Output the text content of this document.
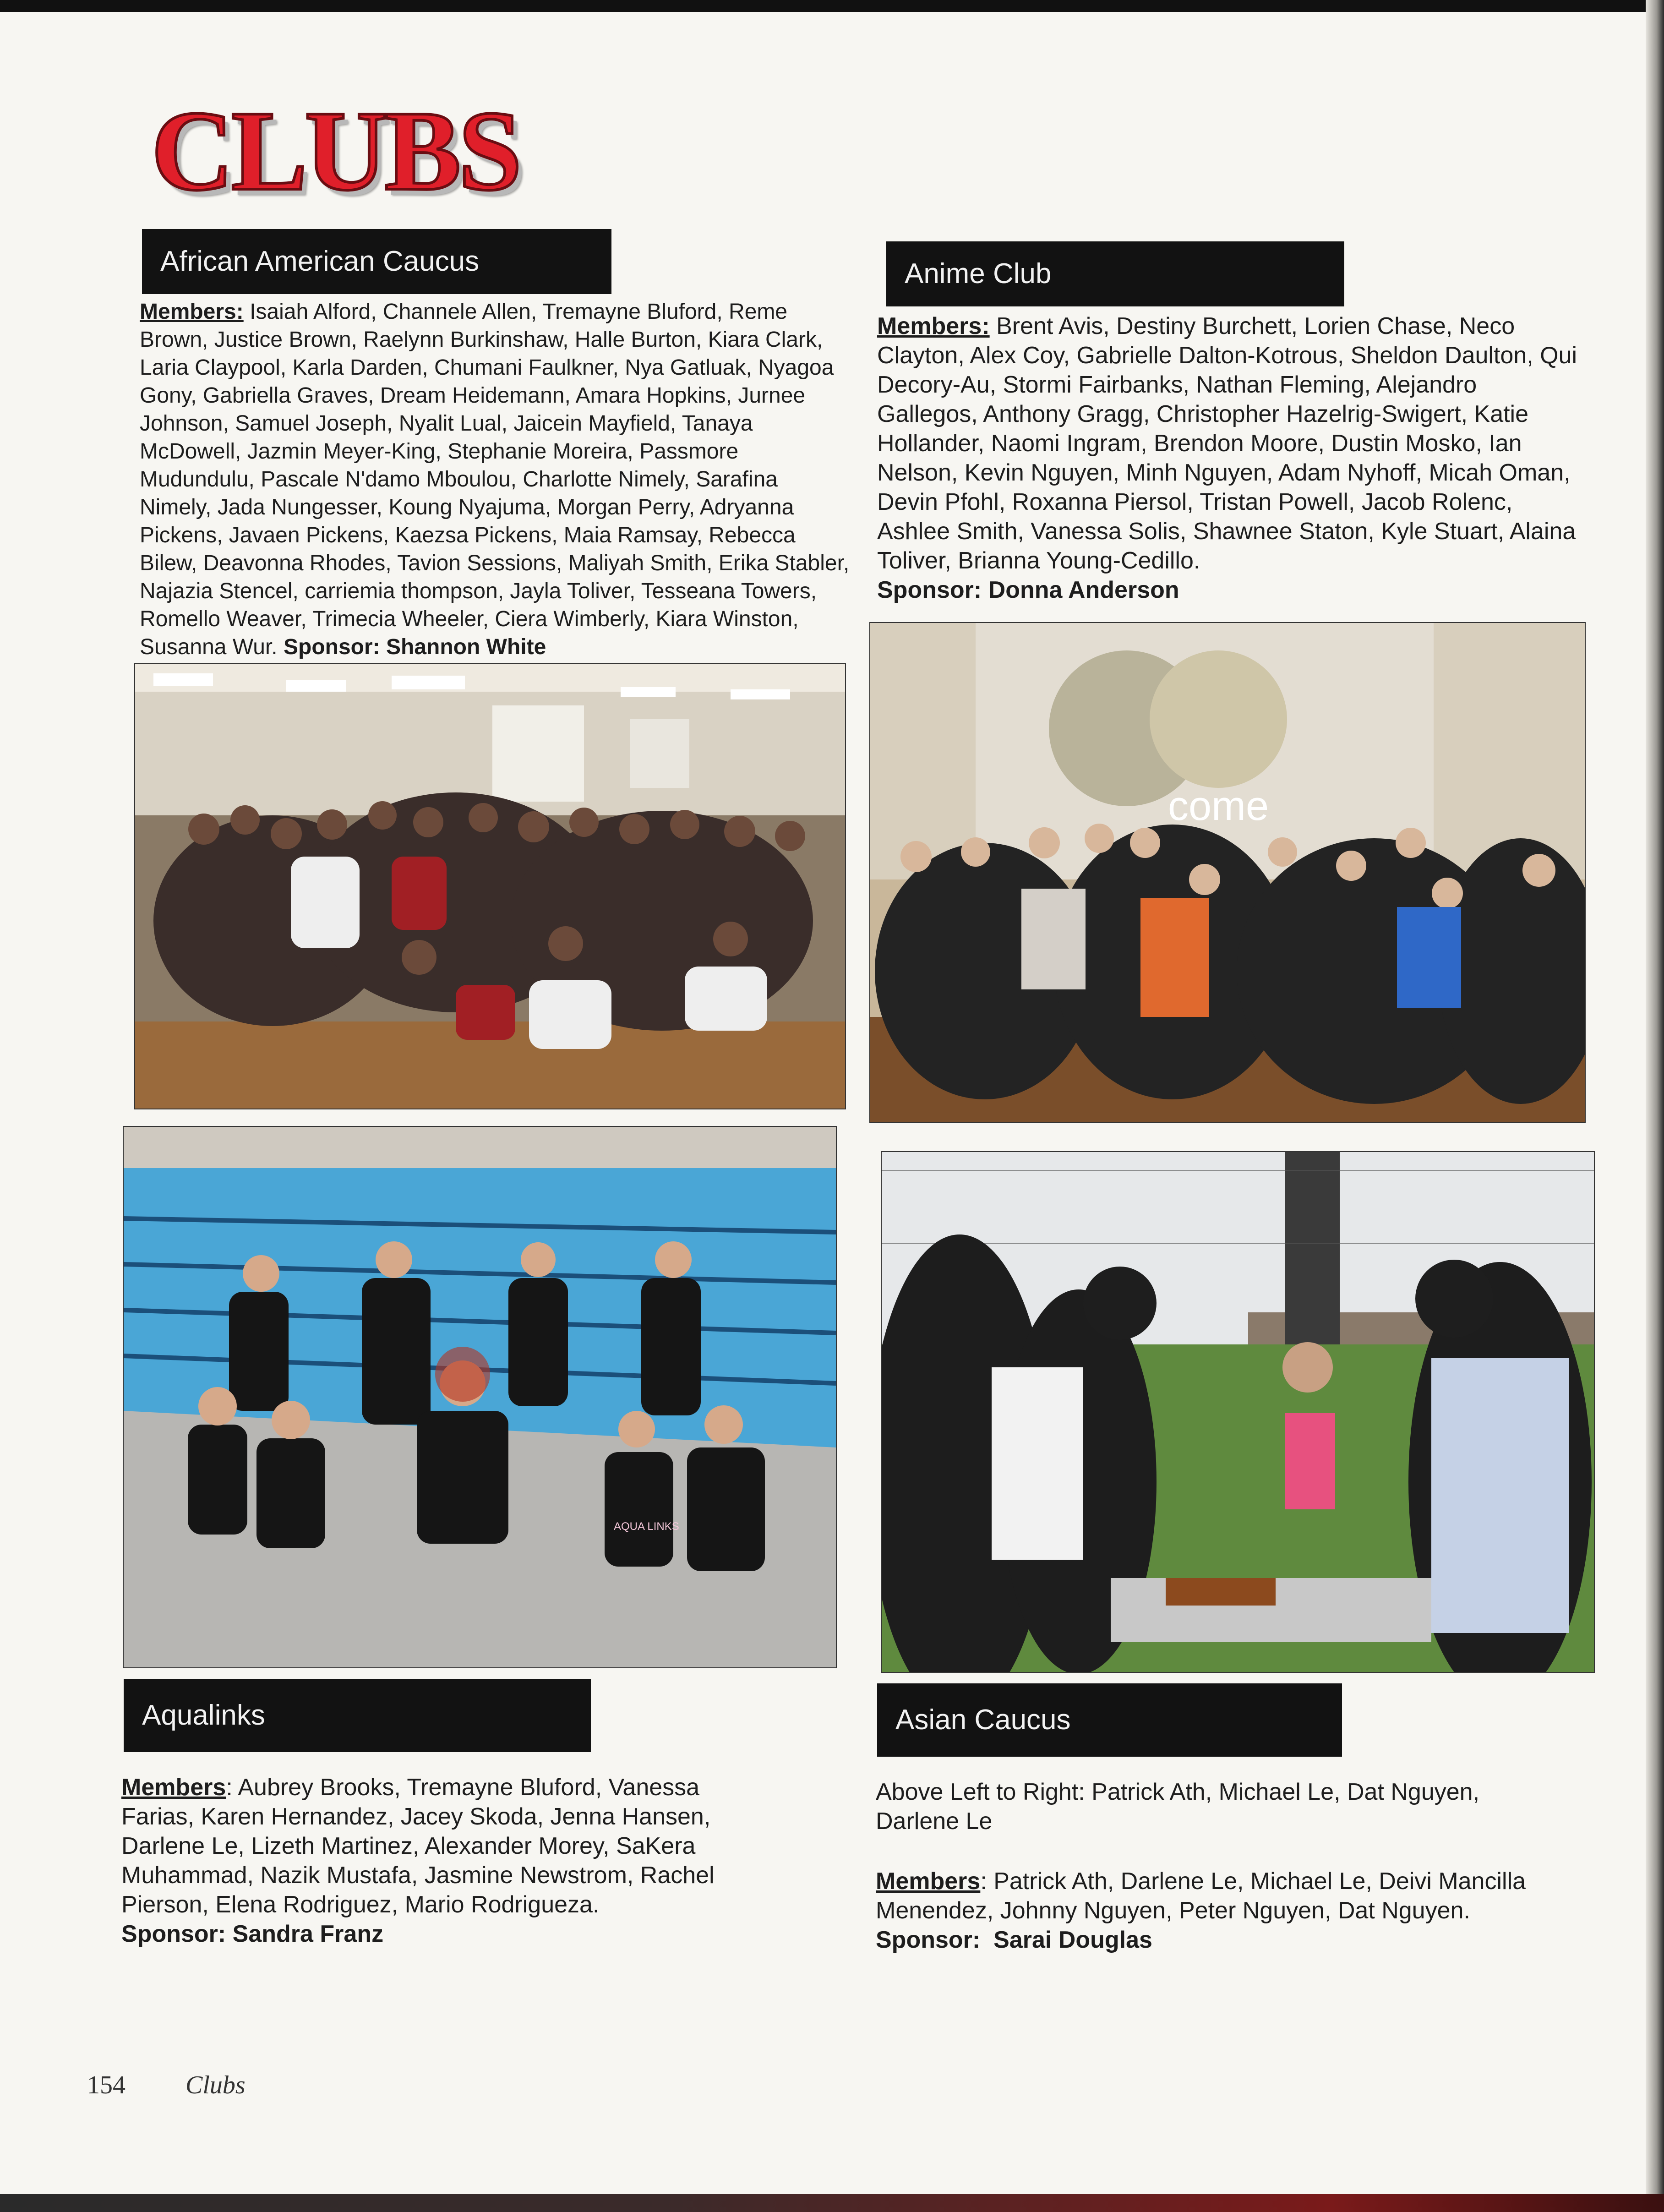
CLUBS
African American Caucus
Members: Isaiah Alford, Channele Allen, Tremayne Bluford, Reme Brown, Justice Brown, Raelynn Burkinshaw, Halle Burton, Kiara Clark, Laria Claypool, Karla Darden, Chumani Faulkner, Nya Gatluak, Nyagoa Gony, Gabriella Graves, Dream Heidemann, Amara Hopkins, Jurnee Johnson, Samuel Joseph, Nyalit Lual, Jaicein Mayfield, Tanaya McDowell, Jazmin Meyer-King, Stephanie Moreira, Passmore Mudundulu, Pascale N'damo Mboulou, Charlotte Nimely, Sarafina Nimely, Jada Nungesser, Koung Nyajuma, Morgan Perry, Adryanna Pickens, Javaen Pickens, Kaezsa Pickens, Maia Ramsay, Rebecca Bilew, Deavonna Rhodes, Tavion Sessions, Maliyah Smith, Erika Stabler, Najazia Stencel, carriemia thompson, Jayla Toliver, Tesseana Towers, Romello Weaver, Trimecia Wheeler, Ciera Wimberly, Kiara Winston, Susanna Wur. Sponsor: Shannon White
Anime Club
Members: Brent Avis, Destiny Burchett, Lorien Chase, Neco Clayton, Alex Coy, Gabrielle Dalton-Kotrous, Sheldon Daulton, Qui Decory-Au, Stormi Fairbanks, Nathan Fleming, Alejandro Gallegos, Anthony Gragg, Christopher Hazelrig-Swigert, Katie Hollander, Naomi Ingram, Brendon Moore, Dustin Mosko, Ian Nelson, Kevin Nguyen, Minh Nguyen, Adam Nyhoff, Micah Oman, Devin Pfohl, Roxanna Piersol, Tristan Powell, Jacob Rolenc, Ashlee Smith, Vanessa Solis, Shawnee Staton, Kyle Stuart, Alaina Toliver, Brianna Young-Cedillo.
Sponsor: Donna Anderson
come
AQUA LINKS
Aqualinks
Members: Aubrey Brooks, Tremayne Bluford, Vanessa Farias, Karen Hernandez, Jacey Skoda, Jenna Hansen, Darlene Le, Lizeth Martinez, Alexander Morey, SaKera Muhammad, Nazik Mustafa, Jasmine Newstrom, Rachel Pierson, Elena Rodriguez, Mario Rodrigueza.
Sponsor: Sandra Franz
Asian Caucus
Above Left to Right: Patrick Ath, Michael Le, Dat Nguyen, Darlene Le
Members: Patrick Ath, Darlene Le, Michael Le, Deivi Mancilla Menendez, Johnny Nguyen, Peter Nguyen, Dat Nguyen.
Sponsor: Sarai Douglas
154 Clubs
